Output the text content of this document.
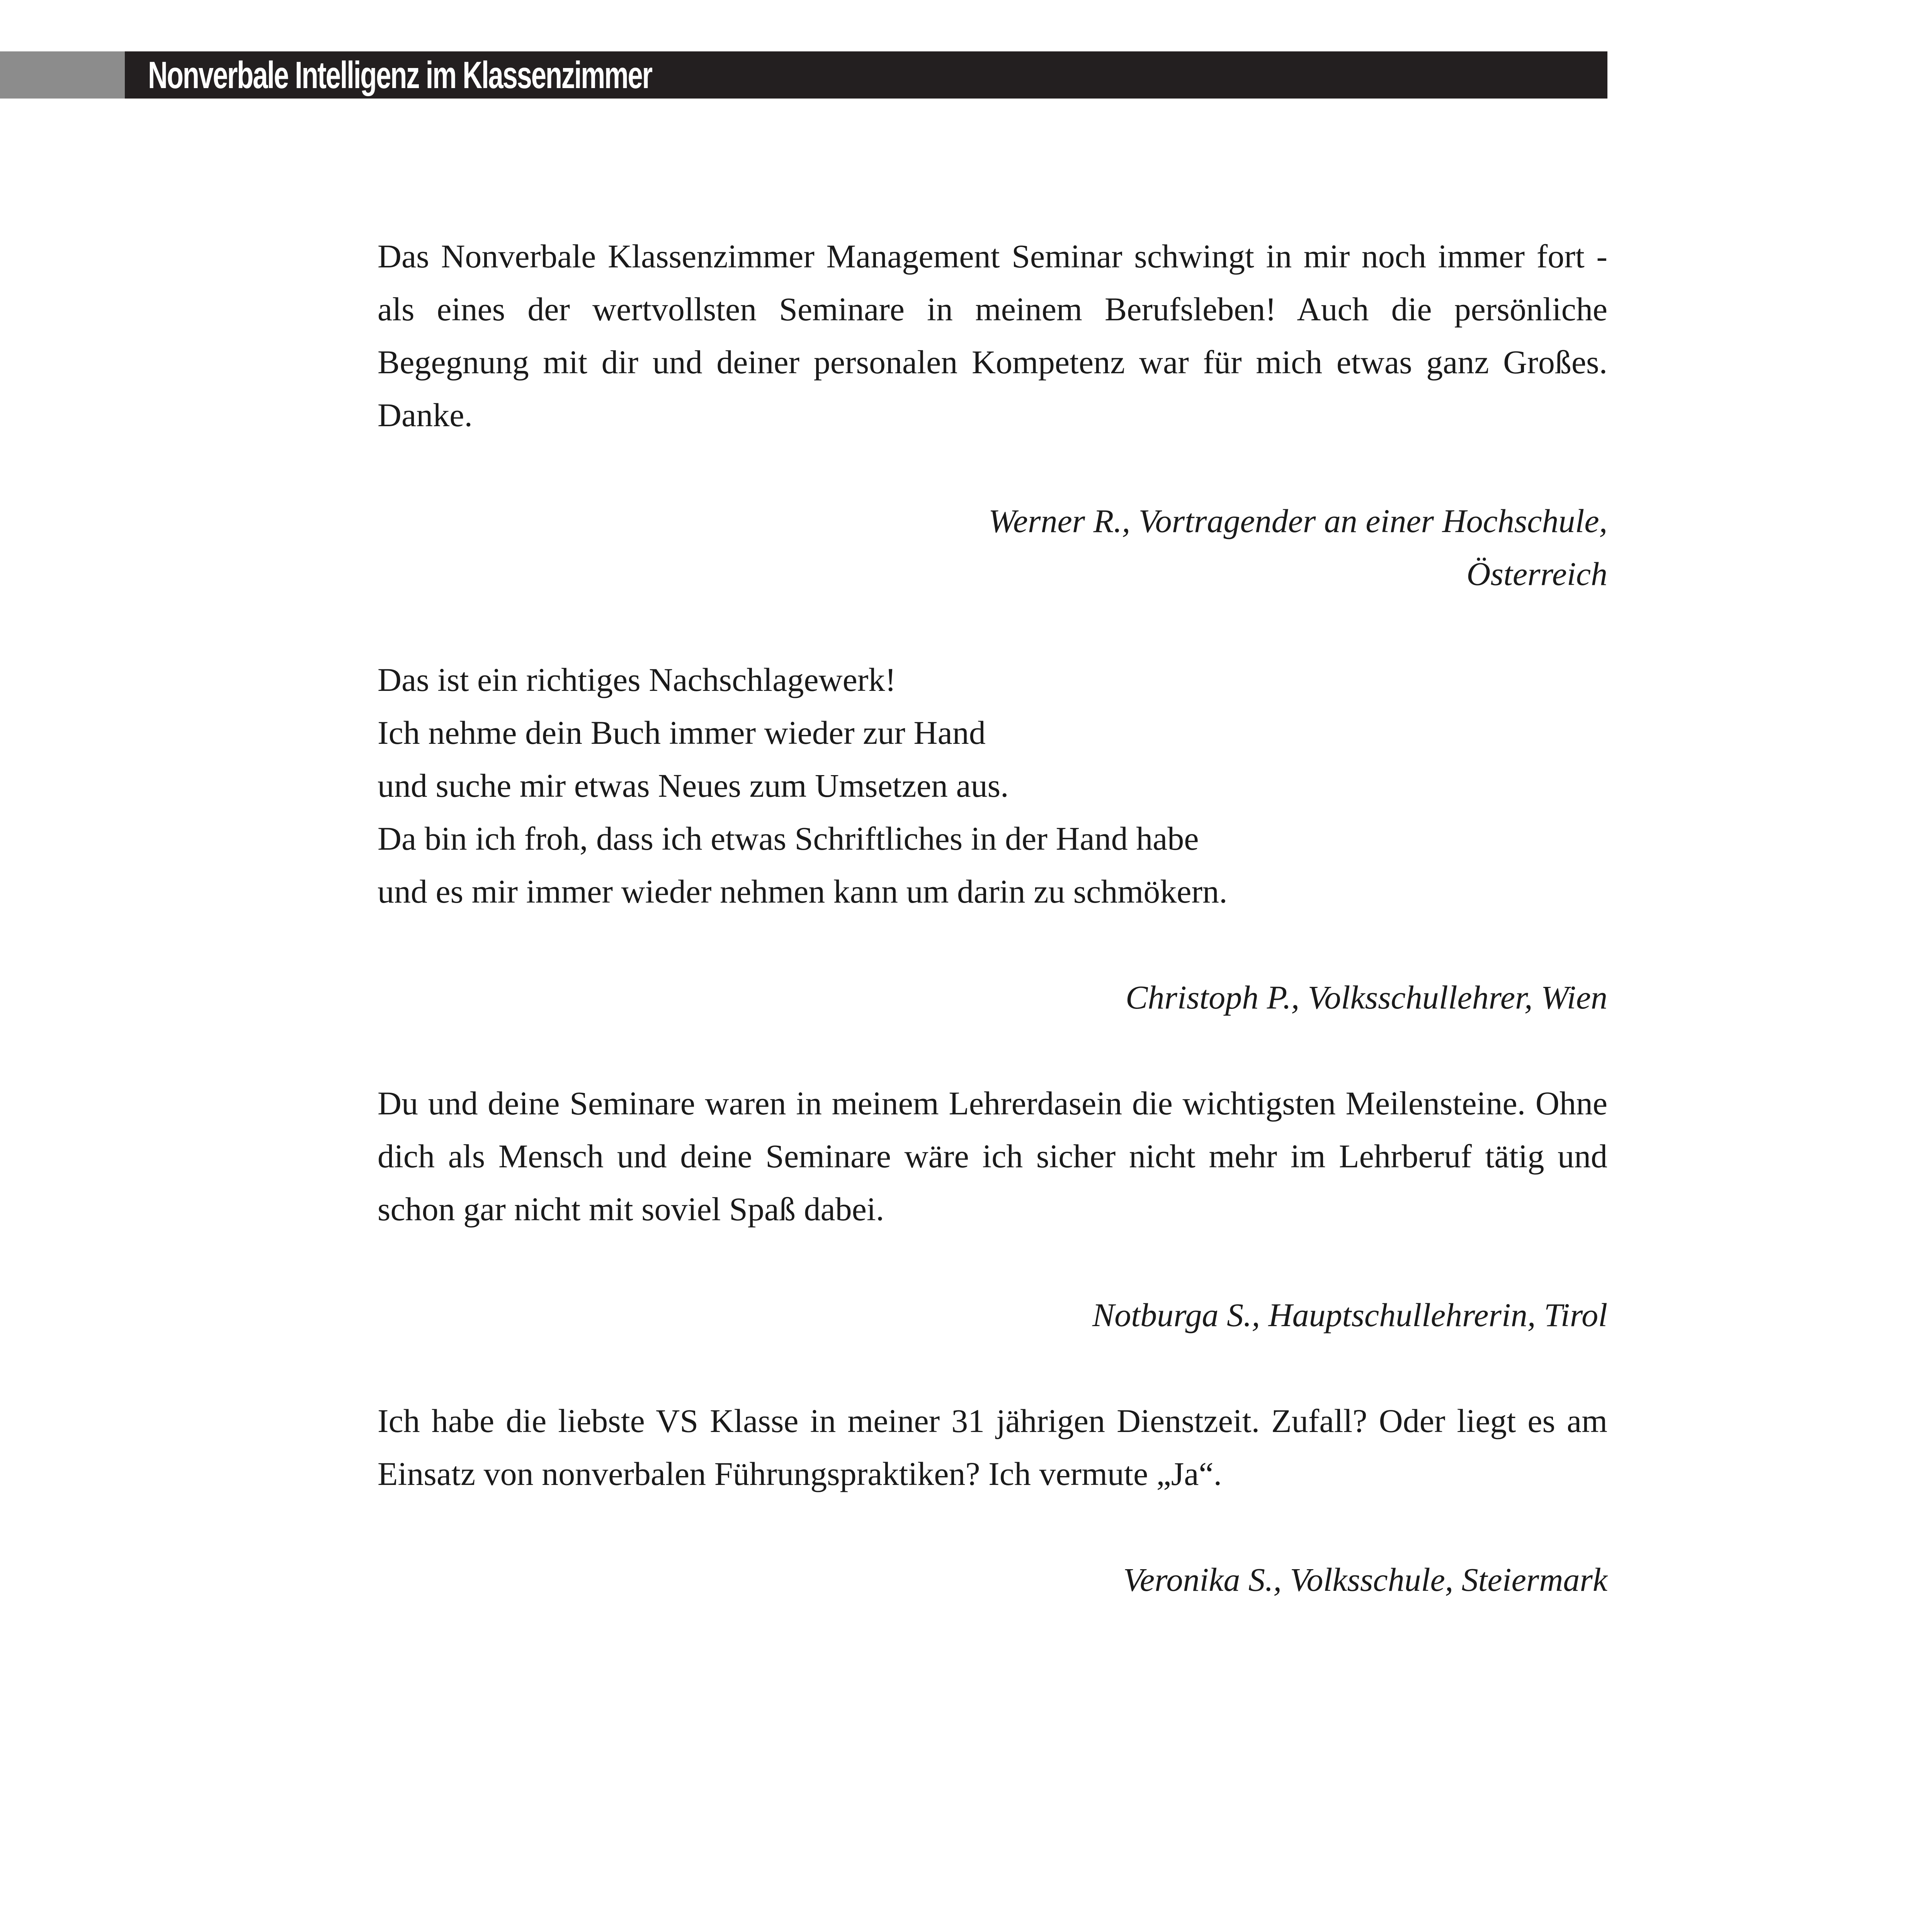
Nonverbale Intelligenz im Klassenzimmer

Das Nonverbale Klassenzimmer Management Seminar schwingt in mir noch immer fort - als eines der wertvollsten Seminare in meinem Berufsleben! Auch die persönliche Begegnung mit dir und deiner personalen Kompetenz war für mich etwas ganz Großes. Danke.

Werner R., Vortragender an einer Hochschule,
Österreich

Das ist ein richtiges Nachschlagewerk!
Ich nehme dein Buch immer wieder zur Hand
und suche mir etwas Neues zum Umsetzen aus.
Da bin ich froh, dass ich etwas Schriftliches in der Hand habe
und es mir immer wieder nehmen kann um darin zu schmökern.

Christoph P., Volksschullehrer, Wien

Du und deine Seminare waren in meinem Lehrerdasein die wichtigsten Meilensteine. Ohne dich als Mensch und deine Seminare wäre ich sicher nicht mehr im Lehrberuf tätig und schon gar nicht mit soviel Spaß dabei.

Notburga S., Hauptschullehrerin, Tirol

Ich habe die liebste VS Klasse in meiner 31 jährigen Dienstzeit. Zufall? Oder liegt es am Einsatz von nonverbalen Führungspraktiken? Ich vermute „Ja“.

Veronika S., Volksschule, Steiermark
